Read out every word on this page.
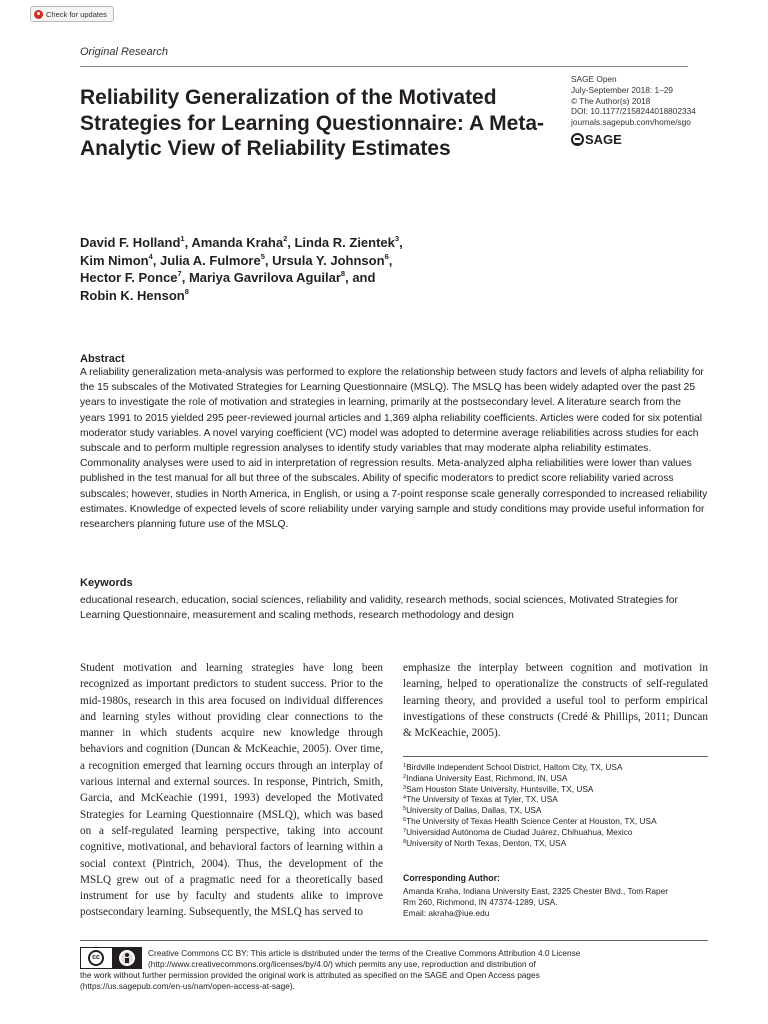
Check for updates
Original Research
Reliability Generalization of the Motivated Strategies for Learning Questionnaire: A Meta-Analytic View of Reliability Estimates
SAGE Open
July-September 2018: 1–29
© The Author(s) 2018
DOI: 10.1177/2158244018802334
journals.sagepub.com/home/sgo
SAGE
David F. Holland$^1$, Amanda Kraha$^2$, Linda R. Zientek$^3$,
Kim Nimon$^4$, Julia A. Fulmore$^5$, Ursula Y. Johnson$^6$,
Hector F. Ponce$^7$, Mariya Gavrilova Aguilar$^8$, and
Robin K. Henson$^8$
Abstract
A reliability generalization meta-analysis was performed to explore the relationship between study factors and levels of alpha reliability for the 15 subscales of the Motivated Strategies for Learning Questionnaire (MSLQ). The MSLQ has been widely adapted over the past 25 years to investigate the role of motivation and strategies in learning, primarily at the postsecondary level. A literature search from the years 1991 to 2015 yielded 295 peer-reviewed journal articles and 1,369 alpha reliability coefficients. Articles were coded for six potential moderator study variables. A novel varying coefficient (VC) model was adopted to determine average reliabilities across studies for each subscale and to perform multiple regression analyses to identify study variables that may moderate alpha reliability estimates. Commonality analyses were used to aid in interpretation of regression results. Meta-analyzed alpha reliabilities were lower than values published in the test manual for all but three of the subscales. Ability of specific moderators to predict score reliability varied across subscales; however, studies in North America, in English, or using a 7-point response scale generally corresponded to increased reliability estimates. Knowledge of expected levels of score reliability under varying sample and study conditions may provide useful information for researchers planning future use of the MSLQ.
Keywords
educational research, education, social sciences, reliability and validity, research methods, social sciences, Motivated Strategies for Learning Questionnaire, measurement and scaling methods, research methodology and design
Student motivation and learning strategies have long been recognized as important predictors to student success. Prior to the mid-1980s, research in this area focused on individual differences and learning styles without providing clear connections to the manner in which students acquire new knowledge through behaviors and cognition (Duncan & McKeachie, 2005). Over time, a recognition emerged that learning occurs through an interplay of various internal and external sources. In response, Pintrich, Smith, Garcia, and McKeachie (1991, 1993) developed the Motivated Strategies for Learning Questionnaire (MSLQ), which was based on a self-regulated learning perspective, taking into account cognitive, motivational, and behavioral factors of learning within a social context (Pintrich, 2004). Thus, the development of the MSLQ grew out of a pragmatic need for a theoretically based instrument for use by faculty and students alike to improve postsecondary learning. Subsequently, the MSLQ has served to
emphasize the interplay between cognition and motivation in learning, helped to operationalize the constructs of self-regulated learning theory, and provided a useful tool to perform empirical investigations of these constructs (Credé & Phillips, 2011; Duncan & McKeachie, 2005).
$^1$Birdville Independent School District, Haltom City, TX, USA
$^2$Indiana University East, Richmond, IN, USA
$^3$Sam Houston State University, Huntsville, TX, USA
$^4$The University of Texas at Tyler, TX, USA
$^5$University of Dallas, Dallas, TX, USA
$^6$The University of Texas Health Science Center at Houston, TX, USA
$^7$Universidad Autónoma de Ciudad Juárez, Chihuahua, Mexico
$^8$University of North Texas, Denton, TX, USA
Corresponding Author:
Amanda Kraha, Indiana University East, 2325 Chester Blvd., Tom Raper
Rm 260, Richmond, IN 47374-1289, USA.
Email: akraha@iue.edu
cc	Creative Commons CC BY: This article is distributed under the terms of the Creative Commons Attribution 4.0 License
(http://www.creativecommons.org/licenses/by/4.0/) which permits any use, reproduction and distribution of
the work without further permission provided the original work is attributed as specified on the SAGE and Open Access pages
(https://us.sagepub.com/en-us/nam/open-access-at-sage).
